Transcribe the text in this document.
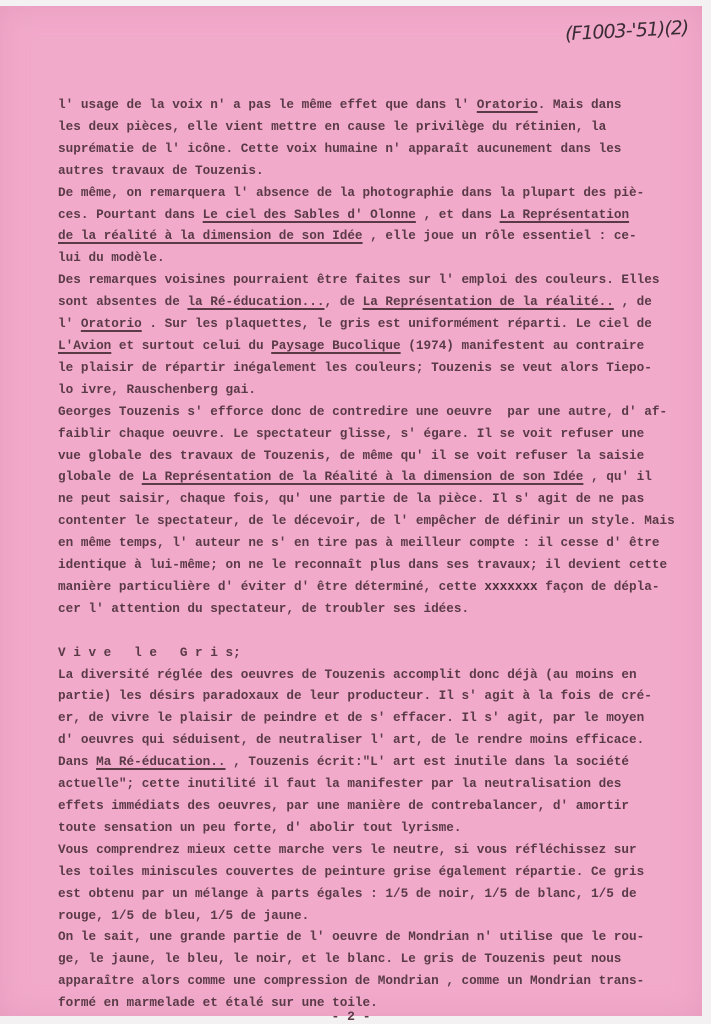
(F1003-'51)(2)
l' usage de la voix n' a pas le même effet que dans l' Oratorio. Mais dans
les deux pièces, elle vient mettre en cause le privilège du rétinien, la
suprématie de l' icône. Cette voix humaine n' apparaît aucunement dans les
autres travaux de Touzenis.
De même, on remarquera l' absence de la photographie dans la plupart des piè-
ces. Pourtant dans Le ciel des Sables d' Olonne , et dans La Représentation
de la réalité à la dimension de son Idée , elle joue un rôle essentiel : ce-
lui du modèle.
Des remarques voisines pourraient être faites sur l' emploi des couleurs. Elles
sont absentes de la Ré-éducation..., de La Représentation de la réalité.. , de
l' Oratorio . Sur les plaquettes, le gris est uniformément réparti. Le ciel de
L'Avion et surtout celui du Paysage Bucolique (1974) manifestent au contraire
le plaisir de répartir inégalement les couleurs; Touzenis se veut alors Tiepo-
lo ivre, Rauschenberg gai.
Georges Touzenis s' efforce donc de contredire une oeuvre  par une autre, d' af-
faiblir chaque oeuvre. Le spectateur glisse, s' égare. Il se voit refuser une
vue globale des travaux de Touzenis, de même qu' il se voit refuser la saisie
globale de La Représentation de la Réalité à la dimension de son Idée , qu' il
ne peut saisir, chaque fois, qu' une partie de la pièce. Il s' agit de ne pas
contenter le spectateur, de le décevoir, de l' empêcher de définir un style. Mais
en même temps, l' auteur ne s' en tire pas à meilleur compte : il cesse d' être
identique à lui-même; on ne le reconnaît plus dans ses travaux; il devient cette
manière particulière d' éviter d' être déterminé, cette xxxxxxx façon de dépla-
cer l' attention du spectateur, de troubler ses idées.

V i v e   l e   G r i s;
La diversité réglée des oeuvres de Touzenis accomplit donc déjà (au moins en
partie) les désirs paradoxaux de leur producteur. Il s' agit à la fois de cré-
er, de vivre le plaisir de peindre et de s' effacer. Il s' agit, par le moyen
d' oeuvres qui séduisent, de neutraliser l' art, de le rendre moins efficace.
Dans Ma Ré-éducation.. , Touzenis écrit:"L' art est inutile dans la société
actuelle"; cette inutilité il faut la manifester par la neutralisation des
effets immédiats des oeuvres, par une manière de contrebalancer, d' amortir
toute sensation un peu forte, d' abolir tout lyrisme.
Vous comprendrez mieux cette marche vers le neutre, si vous réfléchissez sur
les toiles miniscules couvertes de peinture grise également répartie. Ce gris
est obtenu par un mélange à parts égales : 1/5 de noir, 1/5 de blanc, 1/5 de
rouge, 1/5 de bleu, 1/5 de jaune.
On le sait, une grande partie de l' oeuvre de Mondrian n' utilise que le rou-
ge, le jaune, le bleu, le noir, et le blanc. Le gris de Touzenis peut nous
apparaître alors comme une compression de Mondrian , comme un Mondrian trans-
formé en marmelade et étalé sur une toile.
- 2 -
